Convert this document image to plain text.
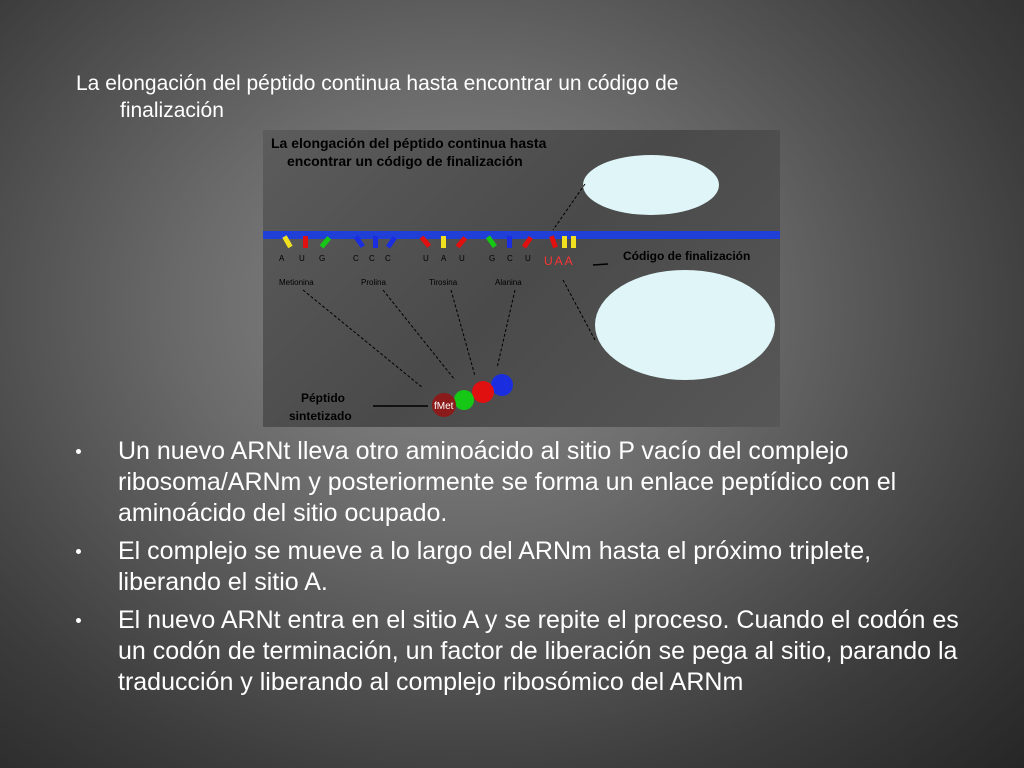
La elongación del péptido continua hasta encontrar un código de
finalización
La elongación del péptido continua hasta
encontrar un código de finalización
A U G	C C C	U A U	G C U UAA	Código de finalización
Metionina	Prolina	Tirosina	Alanina
fMet
Péptido
sintetizado
Un nuevo ARNt lleva otro aminoácido al sitio P vacío del complejo ribosoma/ARNm y posteriormente se forma un enlace peptídico con el aminoácido del sitio ocupado.
El complejo se mueve a lo largo del ARNm hasta el próximo triplete, liberando el sitio A.
El nuevo ARNt entra en el sitio A y se repite el proceso. Cuando el codón es un codón de terminación, un factor de liberación se pega al sitio, parando la traducción y liberando al complejo ribosómico del ARNm
